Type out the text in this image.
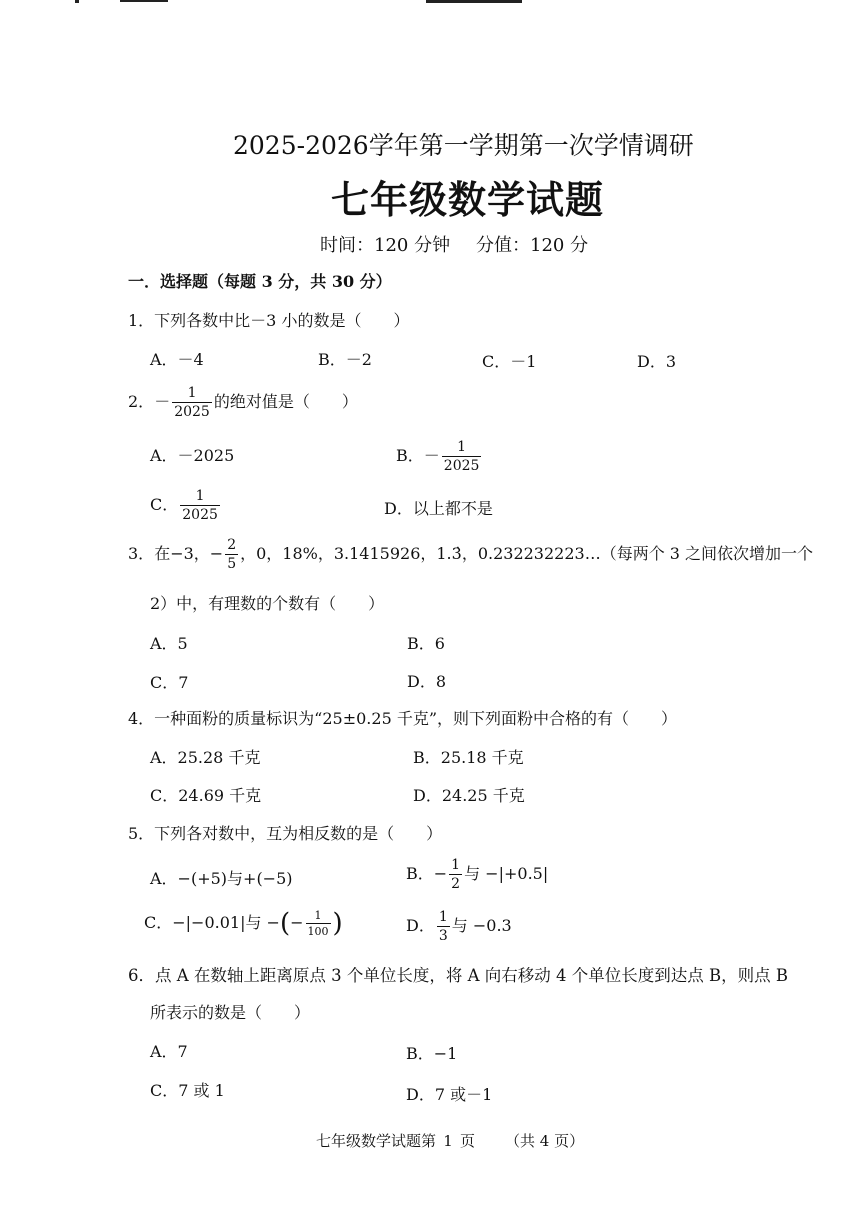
2025-2026学年第一学期第一次学情调研
七年级数学试题
时间：120 分钟 分值：120 分
一．选择题（每题 3 分，共 30 分）
1．下列各数中比－3 小的数是（　　）
A．－4	B．－2	C．－1	D．3
2．－ $\frac{1}{2025}$ 的绝对值是（　　）
A．－2025	B．－ $\frac{1}{2025}$
C． $\frac{1}{2025}$	D．以上都不是
3．在−3，− $\frac{2}{5}$ ，0，18%，3.1415926，1.3̇，0.232232223…（每两个 3 之间依次增加一个
2）中，有理数的个数有（　　）
A．5	B．6
C．7	D．8
4．一种面粉的质量标识为“25±0.25 千克”，则下列面粉中合格的有（　　）
A．25.28 千克	B．25.18 千克
C．24.69 千克	D．24.25 千克
5．下列各对数中，互为相反数的是（　　）
A．−(+5)与+(−5)	B．− $\frac{1}{2}$ 与 −|+0.5|
C．−|−0.01|与 −(− $\frac{1}{100}$ )	D． $\frac{1}{3}$ 与 −0.3
6．点 A 在数轴上距离原点 3 个单位长度，将 A 向右移动 4 个单位长度到达点 B，则点 B
所表示的数是（　　）
A．7	B．−1
C．7 或 1	D．7 或－1
七年级数学试题第 1 页 （共 4 页）
